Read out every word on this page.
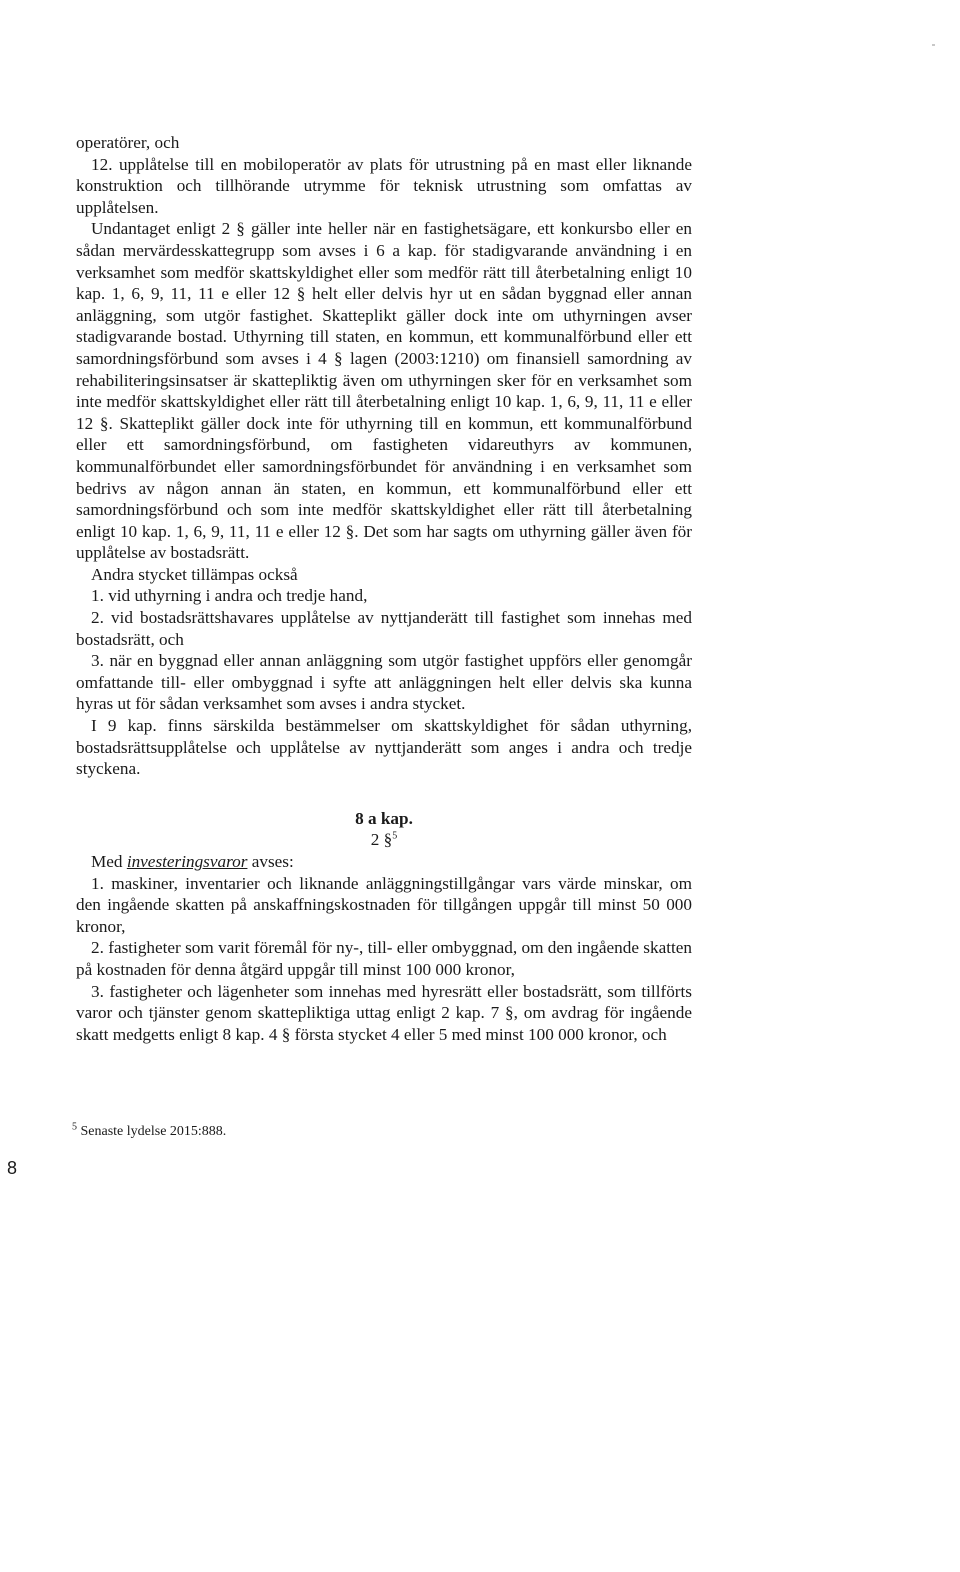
operatörer, och

12. upplåtelse till en mobiloperatör av plats för utrustning på en mast eller liknande konstruktion och tillhörande utrymme för teknisk utrustning som omfattas av upplåtelsen.

Undantaget enligt 2 § gäller inte heller när en fastighetsägare, ett konkursbo eller en sådan mervärdesskattegrupp som avses i 6 a kap. för stadigvarande användning i en verksamhet som medför skattskyldighet eller som medför rätt till återbetalning enligt 10 kap. 1, 6, 9, 11, 11 e eller 12 § helt eller delvis hyr ut en sådan byggnad eller annan anläggning, som utgör fastighet. Skatteplikt gäller dock inte om uthyrningen avser stadigvarande bostad. Uthyrning till staten, en kommun, ett kommunalförbund eller ett samordningsförbund som avses i 4 § lagen (2003:1210) om finansiell samordning av rehabiliteringsinsatser är skattepliktig även om uthyrningen sker för en verksamhet som inte medför skattskyldighet eller rätt till återbetalning enligt 10 kap. 1, 6, 9, 11, 11 e eller 12 §. Skatteplikt gäller dock inte för uthyrning till en kommun, ett kommunalförbund eller ett samordningsförbund, om fastigheten vidareuthyrs av kommunen, kommunalförbundet eller samordningsförbundet för användning i en verksamhet som bedrivs av någon annan än staten, en kommun, ett kommunalförbund eller ett samordningsförbund och som inte medför skattskyldighet eller rätt till återbetalning enligt 10 kap. 1, 6, 9, 11, 11 e eller 12 §. Det som har sagts om uthyrning gäller även för upplåtelse av bostadsrätt.

Andra stycket tillämpas också

1. vid uthyrning i andra och tredje hand,

2. vid bostadsrättshavares upplåtelse av nyttjanderätt till fastighet som innehas med bostadsrätt, och

3. när en byggnad eller annan anläggning som utgör fastighet uppförs eller genomgår omfattande till- eller ombyggnad i syfte att anläggningen helt eller delvis ska kunna hyras ut för sådan verksamhet som avses i andra stycket.

I 9 kap. finns särskilda bestämmelser om skattskyldighet för sådan uthyrning, bostadsrättsupplåtelse och upplåtelse av nyttjanderätt som anges i andra och tredje styckena.

8 a kap.

2 §$^5$

Med investeringsvaror avses:

1. maskiner, inventarier och liknande anläggningstillgångar vars värde minskar, om den ingående skatten på anskaffningskostnaden för tillgången uppgår till minst 50 000 kronor,

2. fastigheter som varit föremål för ny-, till- eller ombyggnad, om den ingående skatten på kostnaden för denna åtgärd uppgår till minst 100 000 kronor,

3. fastigheter och lägenheter som innehas med hyresrätt eller bostadsrätt, som tillförts varor och tjänster genom skattepliktiga uttag enligt 2 kap. 7 §, om avdrag för ingående skatt medgetts enligt 8 kap. 4 § första stycket 4 eller 5 med minst 100 000 kronor, och

$^5$ Senaste lydelse 2015:888.
8
